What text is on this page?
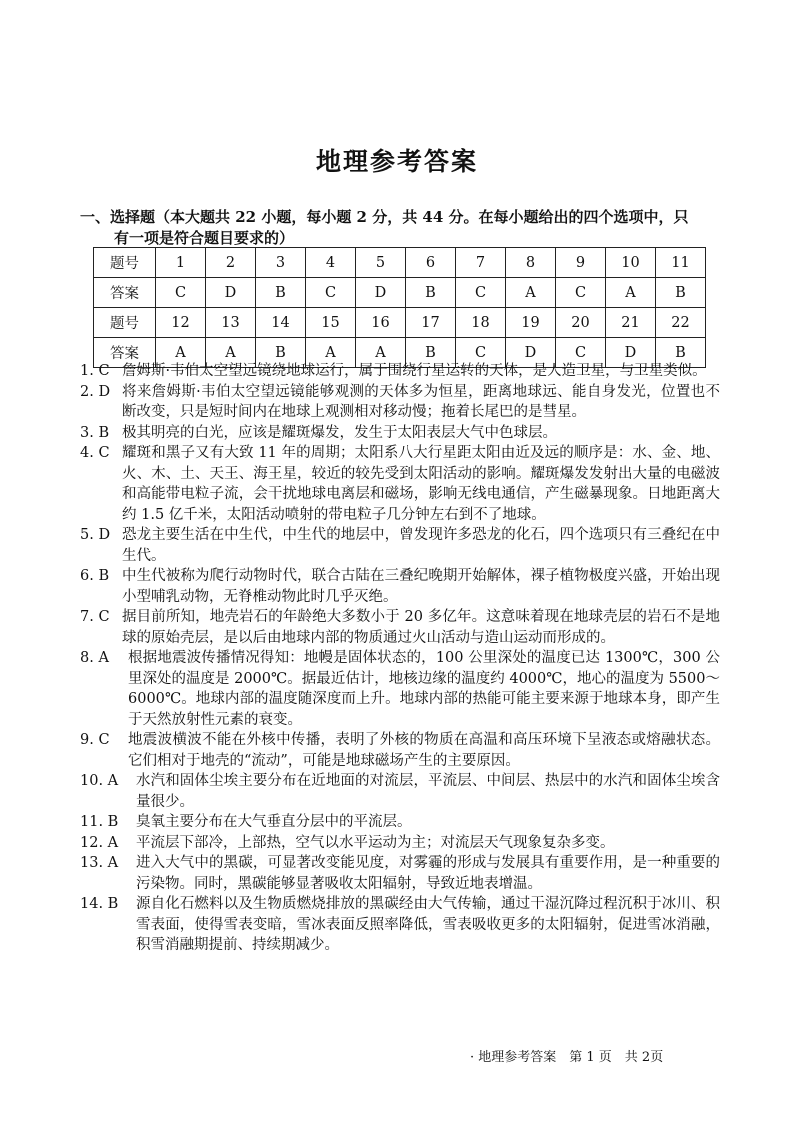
地理参考答案
一、选择题（本大题共 22 小题，每小题 2 分，共 44 分。在每小题给出的四个选项中，只
有一项是符合题目要求的）
题号	1	2	3	4	5	6	7	8	9	10	11
答案	C	D	B	C	D	B	C	A	C	A	B
题号	12	13	14	15	16	17	18	19	20	21	22
答案	A	A	B	A	A	B	C	D	C	D	B
1. C 詹姆斯·韦伯太空望远镜绕地球运行，属于围绕行星运转的天体，是人造卫星，与卫星类似。
2. D 将来詹姆斯·韦伯太空望远镜能够观测的天体多为恒星，距离地球远、能自身发光，位置也不断改变，只是短时间内在地球上观测相对移动慢；拖着长尾巴的是彗星。
3. B 极其明亮的白光，应该是耀斑爆发，发生于太阳表层大气中色球层。
4. C 耀斑和黑子又有大致 11 年的周期；太阳系八大行星距太阳由近及远的顺序是：水、金、地、火、木、土、天王、海王星，较近的较先受到太阳活动的影响。耀斑爆发发射出大量的电磁波和高能带电粒子流，会干扰地球电离层和磁场，影响无线电通信，产生磁暴现象。日地距离大约 1.5 亿千米，太阳活动喷射的带电粒子几分钟左右到不了地球。
5. D 恐龙主要生活在中生代，中生代的地层中，曾发现许多恐龙的化石，四个选项只有三叠纪在中生代。
6. B 中生代被称为爬行动物时代，联合古陆在三叠纪晚期开始解体，裸子植物极度兴盛，开始出现小型哺乳动物，无脊椎动物此时几乎灭绝。
7. C 据目前所知，地壳岩石的年龄绝大多数小于 20 多亿年。这意味着现在地球壳层的岩石不是地球的原始壳层，是以后由地球内部的物质通过火山活动与造山运动而形成的。
8. A	根据地震波传播情况得知：地幔是固体状态的，100 公里深处的温度已达 1300℃，300 公里深处的温度是 2000℃。据最近估计，地核边缘的温度约 4000℃，地心的温度为 5500～6000℃。地球内部的温度随深度而上升。地球内部的热能可能主要来源于地球本身，即产生于天然放射性元素的衰变。
9. C	地震波横波不能在外核中传播，表明了外核的物质在高温和高压环境下呈液态或熔融状态。它们相对于地壳的“流动”，可能是地球磁场产生的主要原因。
10. A	水汽和固体尘埃主要分布在近地面的对流层，平流层、中间层、热层中的水汽和固体尘埃含量很少。
11. B	臭氧主要分布在大气垂直分层中的平流层。
12. A	平流层下部冷，上部热，空气以水平运动为主；对流层天气现象复杂多变。
13. A	进入大气中的黑碳，可显著改变能见度，对雾霾的形成与发展具有重要作用，是一种重要的污染物。同时，黑碳能够显著吸收太阳辐射，导致近地表增温。
14. B	源自化石燃料以及生物质燃烧排放的黑碳经由大气传输，通过干湿沉降过程沉积于冰川、积雪表面，使得雪表变暗，雪冰表面反照率降低，雪表吸收更多的太阳辐射，促进雪冰消融，积雪消融期提前、持续期减少。
· 地理参考答案　第 1 页　共 2页
